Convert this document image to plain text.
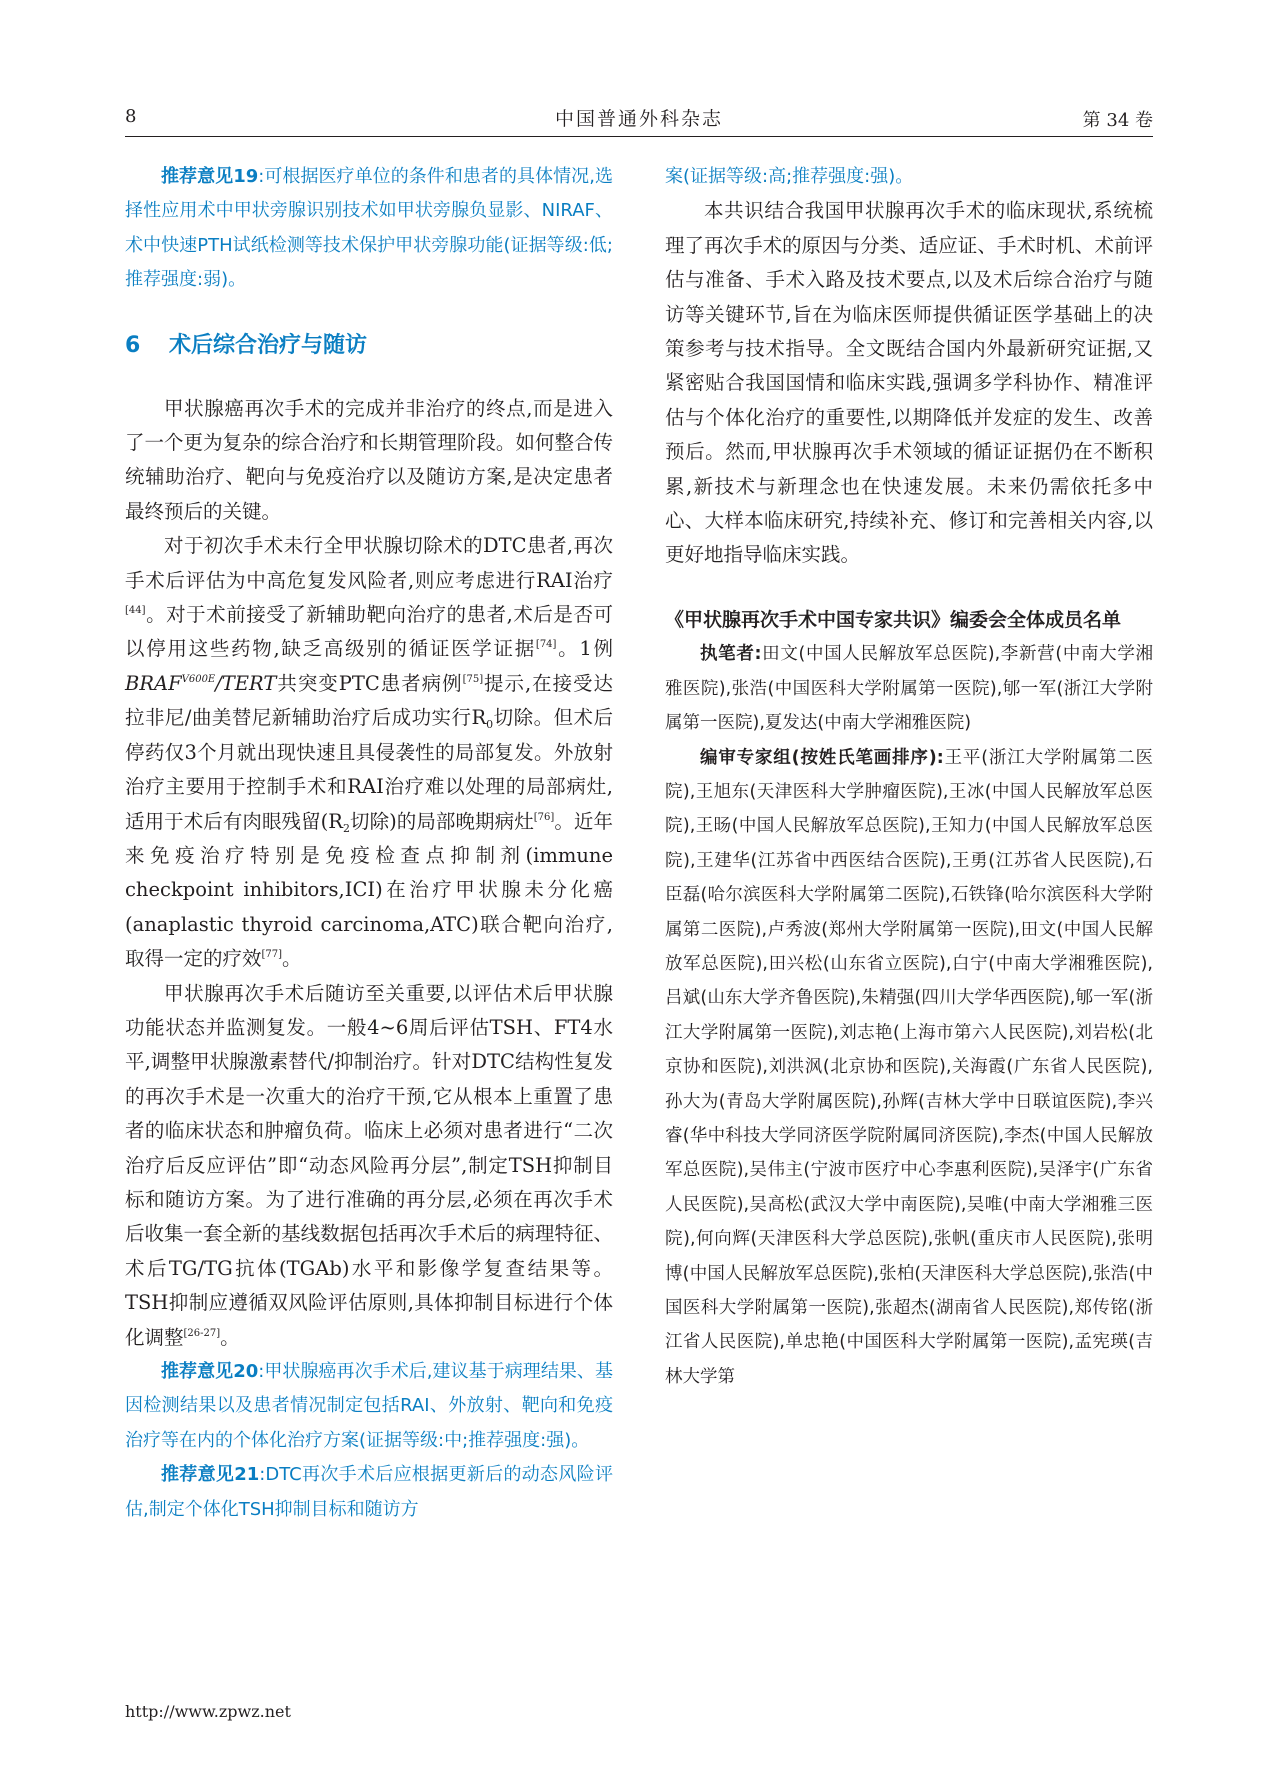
8	中国普通外科杂志	第 34 卷

推荐意见19:可根据医疗单位的条件和患者的具体情况,选择性应用术中甲状旁腺识别技术如甲状旁腺负显影、NIRAF、术中快速PTH试纸检测等技术保护甲状旁腺功能(证据等级:低;推荐强度:弱)。

6 术后综合治疗与随访

甲状腺癌再次手术的完成并非治疗的终点,而是进入了一个更为复杂的综合治疗和长期管理阶段。如何整合传统辅助治疗、靶向与免疫治疗以及随访方案,是决定患者最终预后的关键。

对于初次手术未行全甲状腺切除术的DTC患者,再次手术后评估为中高危复发风险者,则应考虑进行RAI治疗[44]。对于术前接受了新辅助靶向治疗的患者,术后是否可以停用这些药物,缺乏高级别的循证医学证据[74]。1例$BRAF^{V600E}$/TERT共突变PTC患者病例[75]提示,在接受达拉非尼/曲美替尼新辅助治疗后成功实行$R_0$切除。但术后停药仅3个月就出现快速且具侵袭性的局部复发。外放射治疗主要用于控制手术和RAI治疗难以处理的局部病灶,适用于术后有肉眼残留($R_2$切除)的局部晚期病灶[76]。近年来免疫治疗特别是免疫检查点抑制剂(immune checkpoint inhibitors,ICI)在治疗甲状腺未分化癌(anaplastic thyroid carcinoma,ATC)联合靶向治疗,取得一定的疗效[77]。

甲状腺再次手术后随访至关重要,以评估术后甲状腺功能状态并监测复发。一般4~6周后评估TSH、FT4水平,调整甲状腺激素替代/抑制治疗。针对DTC结构性复发的再次手术是一次重大的治疗干预,它从根本上重置了患者的临床状态和肿瘤负荷。临床上必须对患者进行“二次治疗后反应评估”即“动态风险再分层”,制定TSH抑制目标和随访方案。为了进行准确的再分层,必须在再次手术后收集一套全新的基线数据包括再次手术后的病理特征、术后TG/TG抗体(TGAb)水平和影像学复查结果等。TSH抑制应遵循双风险评估原则,具体抑制目标进行个体化调整[26-27]。

推荐意见20:甲状腺癌再次手术后,建议基于病理结果、基因检测结果以及患者情况制定包括RAI、外放射、靶向和免疫治疗等在内的个体化治疗方案(证据等级:中;推荐强度:强)。

推荐意见21:DTC再次手术后应根据更新后的动态风险评估,制定个体化TSH抑制目标和随访方

案(证据等级:高;推荐强度:强)。

本共识结合我国甲状腺再次手术的临床现状,系统梳理了再次手术的原因与分类、适应证、手术时机、术前评估与准备、手术入路及技术要点,以及术后综合治疗与随访等关键环节,旨在为临床医师提供循证医学基础上的决策参考与技术指导。全文既结合国内外最新研究证据,又紧密贴合我国国情和临床实践,强调多学科协作、精准评估与个体化治疗的重要性,以期降低并发症的发生、改善预后。然而,甲状腺再次手术领域的循证证据仍在不断积累,新技术与新理念也在快速发展。未来仍需依托多中心、大样本临床研究,持续补充、修订和完善相关内容,以更好地指导临床实践。

《甲状腺再次手术中国专家共识》编委会全体成员名单

执笔者:田文(中国人民解放军总医院),李新营(中南大学湘雅医院),张浩(中国医科大学附属第一医院),郇一军(浙江大学附属第一医院),夏发达(中南大学湘雅医院)

编审专家组(按姓氏笔画排序):王平(浙江大学附属第二医院),王旭东(天津医科大学肿瘤医院),王冰(中国人民解放军总医院),王旸(中国人民解放军总医院),王知力(中国人民解放军总医院),王建华(江苏省中西医结合医院),王勇(江苏省人民医院),石臣磊(哈尔滨医科大学附属第二医院),石铁锋(哈尔滨医科大学附属第二医院),卢秀波(郑州大学附属第一医院),田文(中国人民解放军总医院),田兴松(山东省立医院),白宁(中南大学湘雅医院),吕斌(山东大学齐鲁医院),朱精强(四川大学华西医院),郇一军(浙江大学附属第一医院),刘志艳(上海市第六人民医院),刘岩松(北京协和医院),刘洪沨(北京协和医院),关海霞(广东省人民医院),孙大为(青岛大学附属医院),孙辉(吉林大学中日联谊医院),李兴睿(华中科技大学同济医学院附属同济医院),李杰(中国人民解放军总医院),吴伟主(宁波市医疗中心李惠利医院),吴泽宇(广东省人民医院),吴高松(武汉大学中南医院),吴唯(中南大学湘雅三医院),何向辉(天津医科大学总医院),张帆(重庆市人民医院),张明博(中国人民解放军总医院),张柏(天津医科大学总医院),张浩(中国医科大学附属第一医院),张超杰(湖南省人民医院),郑传铭(浙江省人民医院),单忠艳(中国医科大学附属第一医院),孟宪瑛(吉林大学第

http://www.zpwz.net
